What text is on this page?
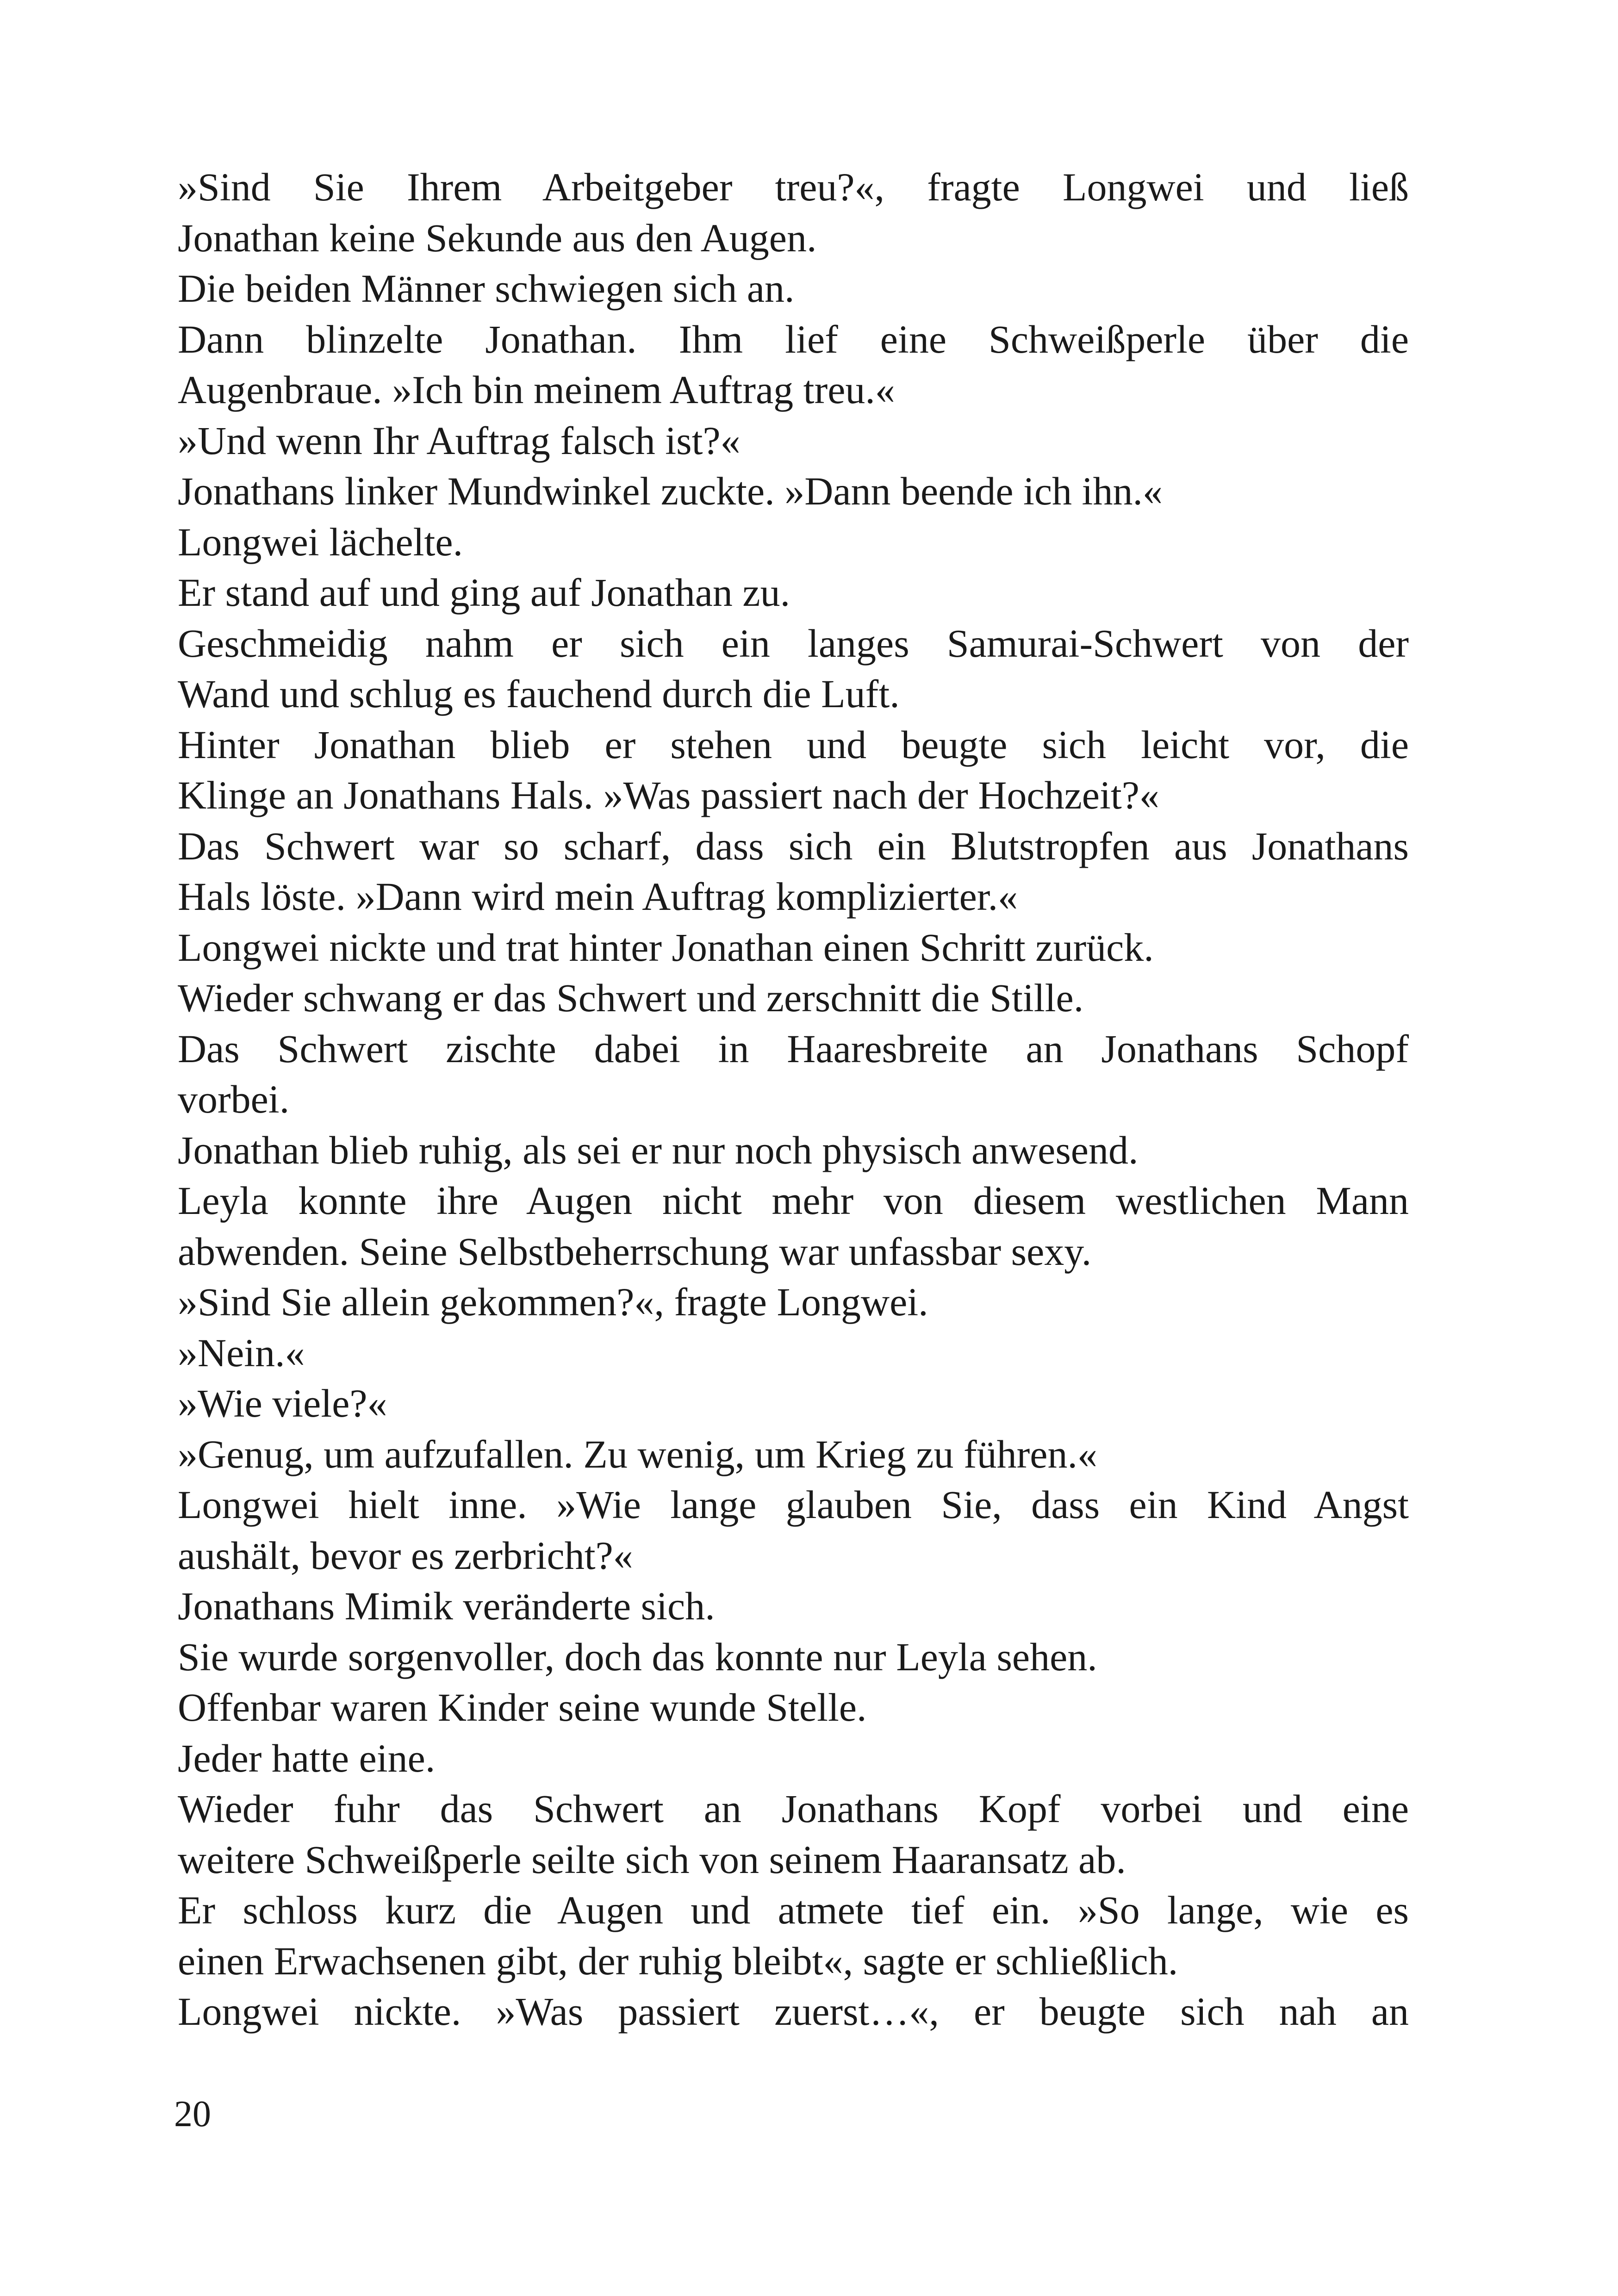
»Sind Sie Ihrem Arbeitgeber treu?«, fragte Longwei und ließ
Jonathan keine Sekunde aus den Augen.
Die beiden Männer schwiegen sich an.
Dann blinzelte Jonathan. Ihm lief eine Schweißperle über die
Augenbraue. »Ich bin meinem Auftrag treu.«
»Und wenn Ihr Auftrag falsch ist?«
Jonathans linker Mundwinkel zuckte. »Dann beende ich ihn.«
Longwei lächelte.
Er stand auf und ging auf Jonathan zu.
Geschmeidig nahm er sich ein langes Samurai-Schwert von der
Wand und schlug es fauchend durch die Luft.
Hinter Jonathan blieb er stehen und beugte sich leicht vor, die
Klinge an Jonathans Hals. »Was passiert nach der Hochzeit?«
Das Schwert war so scharf, dass sich ein Blutstropfen aus Jonathans
Hals löste. »Dann wird mein Auftrag komplizierter.«
Longwei nickte und trat hinter Jonathan einen Schritt zurück.
Wieder schwang er das Schwert und zerschnitt die Stille.
Das Schwert zischte dabei in Haaresbreite an Jonathans Schopf
vorbei.
Jonathan blieb ruhig, als sei er nur noch physisch anwesend.
Leyla konnte ihre Augen nicht mehr von diesem westlichen Mann
abwenden. Seine Selbstbeherrschung war unfassbar sexy.
»Sind Sie allein gekommen?«, fragte Longwei.
»Nein.«
»Wie viele?«
»Genug, um aufzufallen. Zu wenig, um Krieg zu führen.«
Longwei hielt inne. »Wie lange glauben Sie, dass ein Kind Angst
aushält, bevor es zerbricht?«
Jonathans Mimik veränderte sich.
Sie wurde sorgenvoller, doch das konnte nur Leyla sehen.
Offenbar waren Kinder seine wunde Stelle.
Jeder hatte eine.
Wieder fuhr das Schwert an Jonathans Kopf vorbei und eine
weitere Schweißperle seilte sich von seinem Haaransatz ab.
Er schloss kurz die Augen und atmete tief ein. »So lange, wie es
einen Erwachsenen gibt, der ruhig bleibt«, sagte er schließlich.
Longwei nickte. »Was passiert zuerst…«, er beugte sich nah an
20
